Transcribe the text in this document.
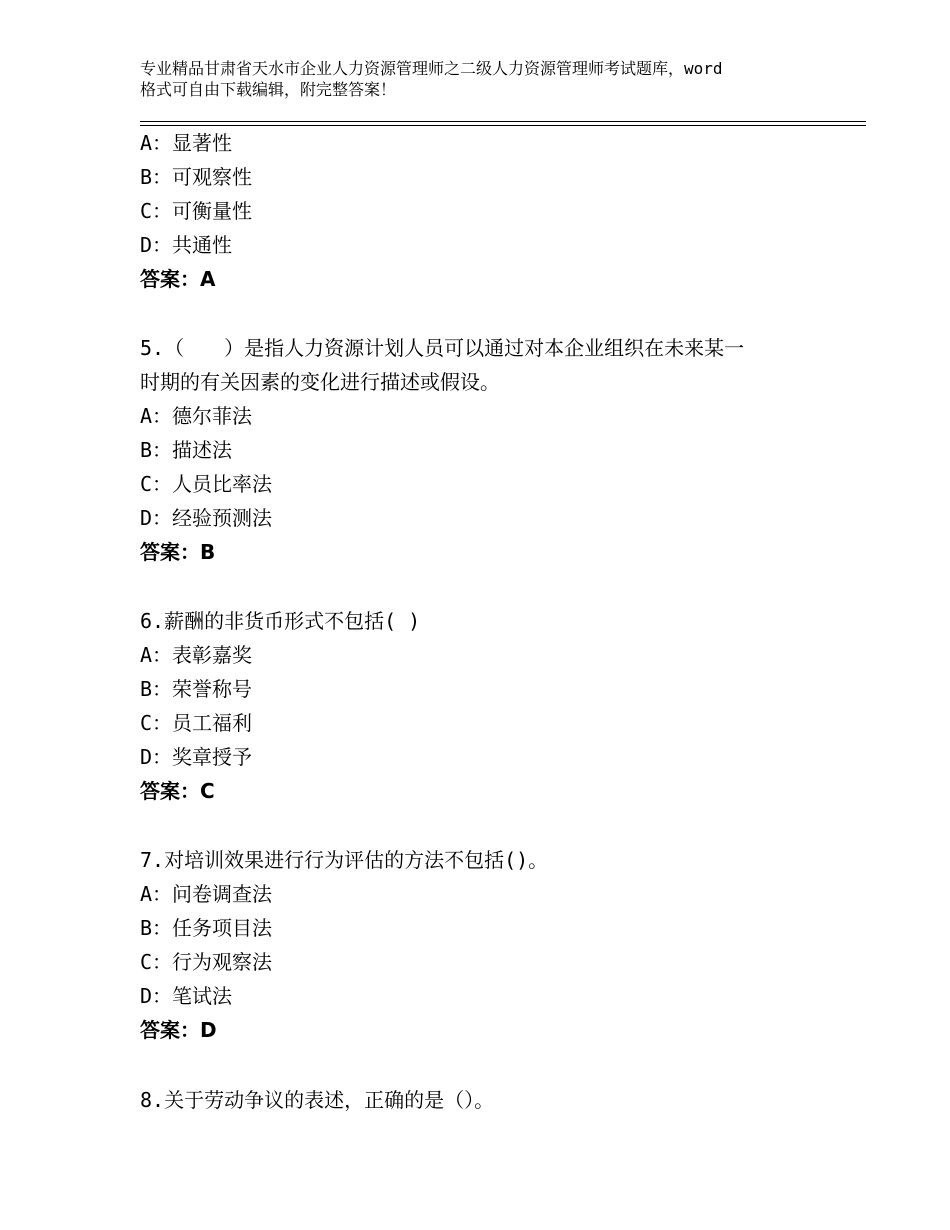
专业精品甘肃省天水市企业人力资源管理师之二级人力资源管理师考试题库，word
格式可自由下载编辑，附完整答案！
A：显著性
B：可观察性
C：可衡量性
D：共通性
答案：A
5.（　　）是指人力资源计划人员可以通过对本企业组织在未来某一
时期的有关因素的变化进行描述或假设。
A：德尔菲法
B：描述法
C：人员比率法
D：经验预测法
答案：B
6.薪酬的非货币形式不包括( )
A：表彰嘉奖
B：荣誉称号
C：员工福利
D：奖章授予
答案：C
7.对培训效果进行行为评估的方法不包括()。
A：问卷调查法
B：任务项目法
C：行为观察法
D：笔试法
答案：D
8.关于劳动争议的表述，正确的是（）。
